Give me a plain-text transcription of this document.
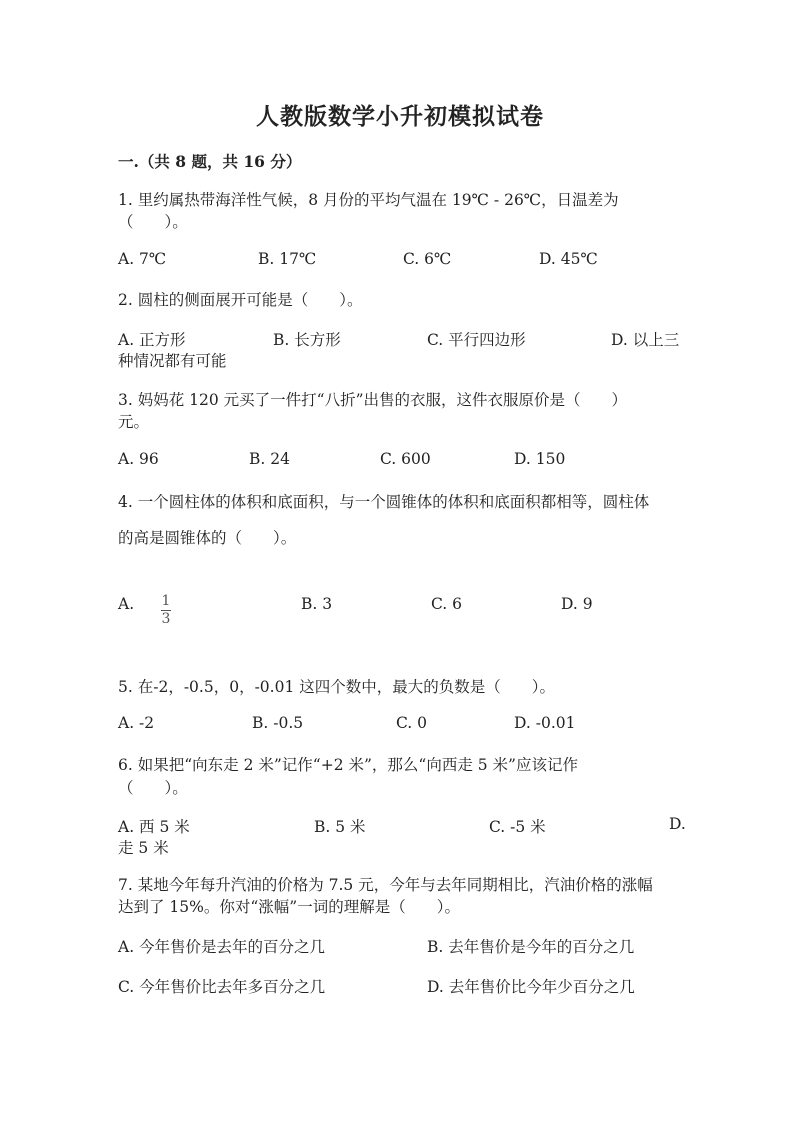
人教版数学小升初模拟试卷
一.（共 8 题，共 16 分）
1. 里约属热带海洋性气候，8 月份的平均气温在 19℃ - 26℃，日温差为
（　　）。
A. 7℃	B. 17℃	C. 6℃	D. 45℃
2. 圆柱的侧面展开可能是（　　）。
A. 正方形	B. 长方形	C. 平行四边形	D. 以上三
种情况都有可能
3. 妈妈花 120 元买了一件打“八折”出售的衣服，这件衣服原价是（　　）
元。
A. 96	B. 24	C. 600	D. 150
4. 一个圆柱体的体积和底面积，与一个圆锥体的体积和底面积都相等，圆柱体
的高是圆锥体的（　　）。
A. $\frac{1}{3}$	B. 3	C. 6	D. 9
5. 在-2，-0.5，0，-0.01 这四个数中，最大的负数是（　　）。
A. -2	B. -0.5	C. 0	D. -0.01
6. 如果把“向东走 2 米”记作“+2 米”，那么“向西走 5 米”应该记作
（　　）。
A. 西 5 米	B. 5 米	C. -5 米	D.
走 5 米
7. 某地今年每升汽油的价格为 7.5 元，今年与去年同期相比，汽油价格的涨幅
达到了 15%。你对“涨幅”一词的理解是（　　）。
A. 今年售价是去年的百分之几	B. 去年售价是今年的百分之几
C. 今年售价比去年多百分之几	D. 去年售价比今年少百分之几
